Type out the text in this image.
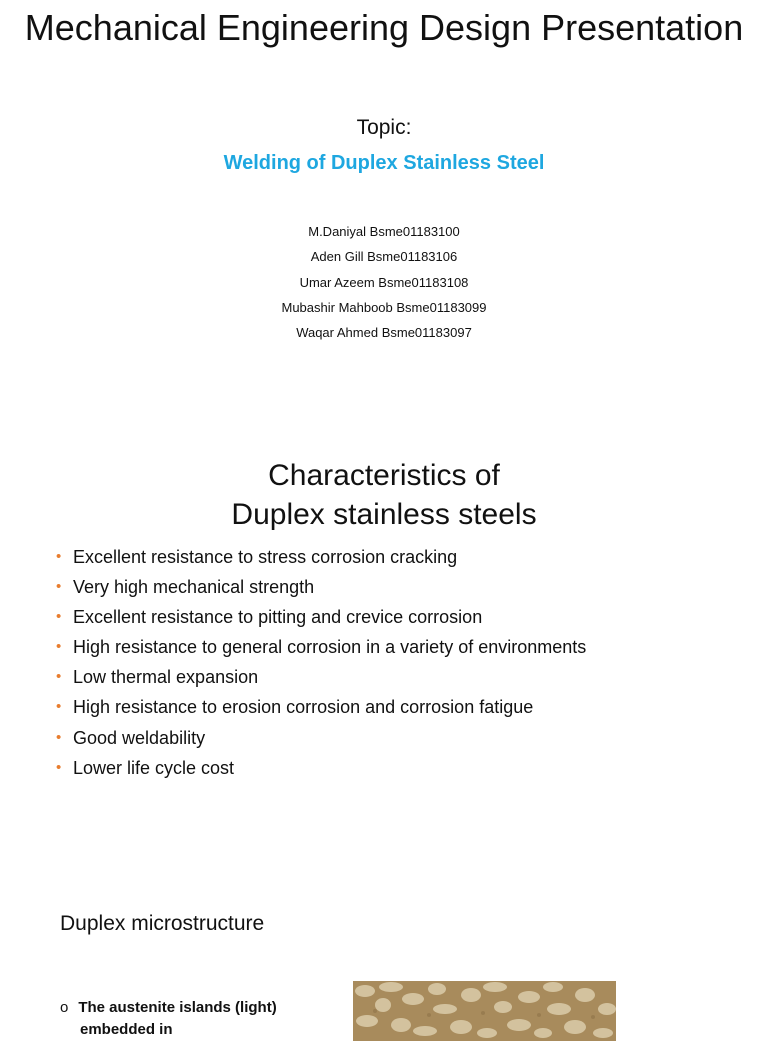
Mechanical Engineering Design Presentation
Topic:
Welding of Duplex Stainless Steel
M.Daniyal Bsme01183100
Aden Gill Bsme01183106
Umar Azeem Bsme01183108
Mubashir Mahboob Bsme01183099
Waqar Ahmed Bsme01183097
Characteristics of
Duplex stainless steels
• Excellent resistance to stress corrosion cracking
• Very high mechanical strength
• Excellent resistance to pitting and crevice corrosion
• High resistance to general corrosion in a variety of environments
• Low thermal expansion
• High resistance to erosion corrosion and corrosion fatigue
• Good weldability
• Lower life cycle cost
Duplex microstructure
o The austenite islands (light)
embedded in
